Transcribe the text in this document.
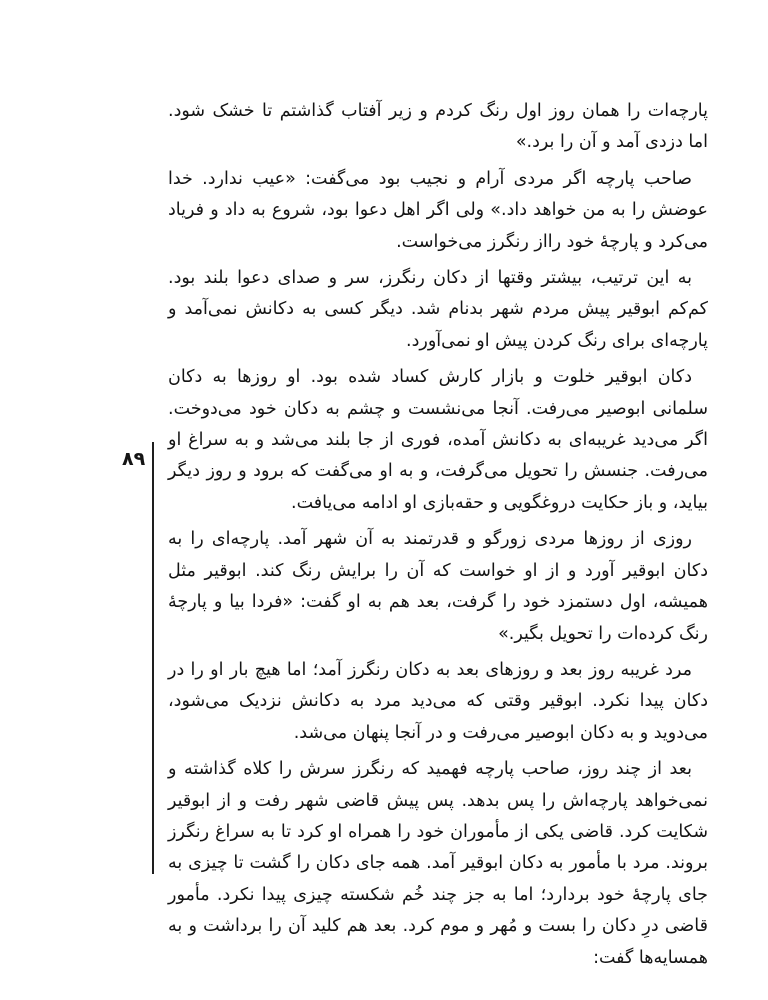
پارچه‌ات را همان روز اول رنگ کردم و زیر آفتاب گذاشتم تا خشک شود. اما دزدی آمد و آن را برد.»

صاحب پارچه اگر مردی آرام و نجیب بود می‌گفت: «عیب ندارد. خدا عوضش را به من خواهد داد.» ولی اگر اهل دعوا بود، شروع به داد و فریاد می‌کرد و پارچهٔ خود رااز رنگرز می‌خواست.

به این ترتیب، بیشتر وقتها از دکان رنگرز، سر و صدای دعوا بلند بود. کم‌کم ابوقیر پیش مردم شهر بدنام شد. دیگر کسی به دکانش نمی‌آمد و پارچه‌ای برای رنگ کردن پیش او نمی‌آورد.

دکان ابوقیر خلوت و بازار کارش کساد شده بود. او روزها به دکان سلمانی ابوصیر می‌رفت. آنجا می‌نشست و چشم به دکان خود می‌دوخت. اگر می‌دید غریبه‌ای به دکانش آمده، فوری از جا بلند می‌شد و به سراغ او می‌رفت. جنسش را تحویل می‌گرفت، و به او می‌گفت که برود و روز دیگر بیاید، و باز حکایت دروغگویی و حقه‌بازی او ادامه می‌یافت.

روزی از روزها مردی زورگو و قدرتمند به آن شهر آمد. پارچه‌ای را به دکان ابوقیر آورد و از او خواست که آن را برایش رنگ کند. ابوقیر مثل همیشه، اول دستمزد خود را گرفت، بعد هم به او گفت: «فردا بیا و پارچهٔ رنگ کرده‌ات را تحویل بگیر.»

مرد غریبه روز بعد و روزهای بعد به دکان رنگرز آمد؛ اما هیچ بار او را در دکان پیدا نکرد. ابوقیر وقتی که می‌دید مرد به دکانش نزدیک می‌شود، می‌دوید و به دکان ابوصیر می‌رفت و در آنجا پنهان می‌شد.

بعد از چند روز، صاحب پارچه فهمید که رنگرز سرش را کلاه گذاشته و نمی‌خواهد پارچه‌اش را پس بدهد. پس پیش قاضی شهر رفت و از ابوقیر شکایت کرد. قاضی یکی از مأموران خود را همراه او کرد تا به سراغ رنگرز بروند. مرد با مأمور به دکان ابوقیر آمد. همه جای دکان را گشت تا چیزی به جای پارچهٔ خود بردارد؛ اما به جز چند خُم شکسته چیزی پیدا نکرد. مأمور قاضی درِ دکان را بست و مُهر و موم کرد. بعد هم کلید آن را برداشت و به همسایه‌ها گفت:

۸۹
